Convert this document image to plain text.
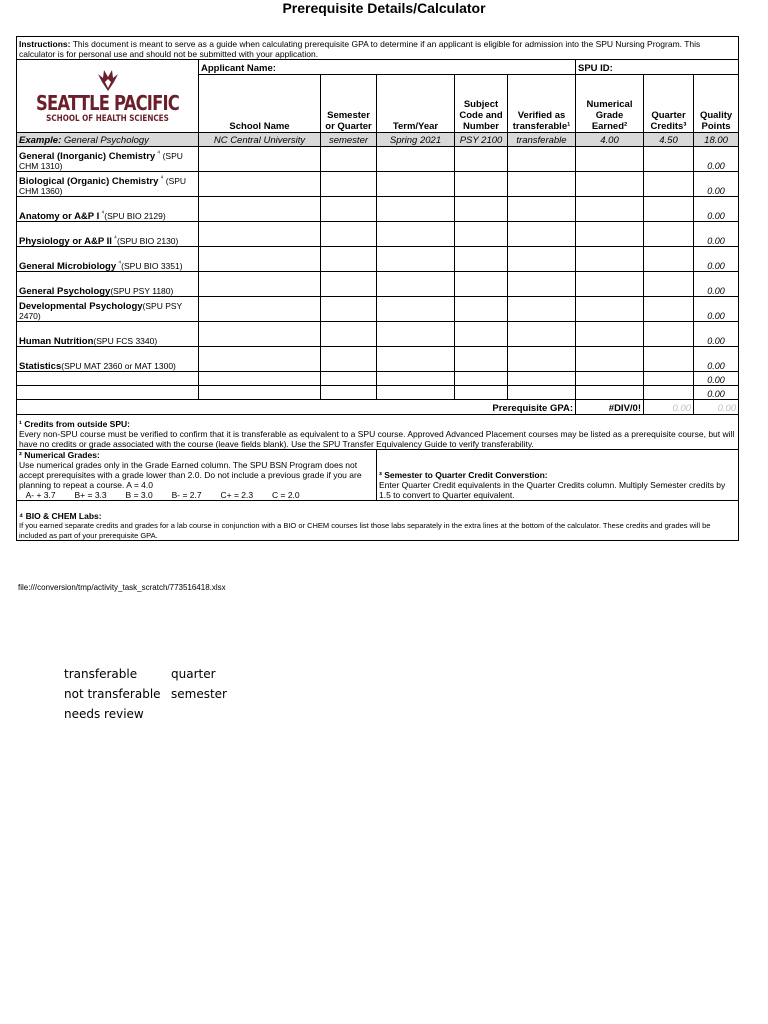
Prerequisite Details/Calculator
Instructions: This document is meant to serve as a guide when calculating prerequisite GPA to determine if an applicant is eligible for admission into the SPU Nursing Program. This calculator is for personal use and should not be submitted with your application.								

SEATTLE PACIFIC
SCHOOL OF HEALTH SCIENCES	Applicant Name:					SPU ID:		
	School Name	Semester or Quarter	Term/Year	Subject Code and Number	Verified as transferable¹	Numerical Grade Earned²	Quarter Credits³	Quality Points
Example: General Psychology	NC Central University	semester	Spring 2021	PSY 2100	transferable	4.00	4.50	18.00
General (Inorganic) Chemistry $^{^4}$ (SPU CHM 1310)								0.00
Biological (Organic) Chemistry $^{^4}$ (SPU CHM 1360)								0.00
Anatomy or A&P I $^{^4}$(SPU BIO 2129)								0.00
Physiology or A&P II $^{^4}$(SPU BIO 2130)								0.00
General Microbiology $^{^4}$(SPU BIO 3351)								0.00
General Psychology(SPU PSY 1180)								0.00
Developmental Psychology(SPU PSY 2470)								0.00
Human Nutrition(SPU FCS 3340)								0.00
Statistics(SPU MAT 2360 or MAT 1300)								0.00
								0.00
								0.00
Prerequisite GPA:						#DIV/0!	0.00	0.00
¹ Credits from outside SPU:
Every non-SPU course must be verified to confirm that it is transferable as equivalent to a SPU course. Approved Advanced Placement courses may be listed as a prerequisite course, but will have no credits or grade associated with the course (leave fields blank). Use the SPU Transfer Equivalency Guide to verify transferability.								
² Numerical Grades:
Use numerical grades only in the Grade Earned column. The SPU BSN Program does not accept prerequisites with a grade lower than 2.0. Do not include a previous grade if you are planning to repeat a course. A = 4.0
A- + 3.7        B+ = 3.3        B = 3.0        B- = 2.7        C+ = 2.3        C = 2.0			³ Semester to Quarter Credit Converstion:
Enter Quarter Credit equivalents in the Quarter Credits column. Multiply Semester credits by 1.5 to convert to Quarter equivalent.					
⁴ BIO & CHEM Labs:
If you earned separate credits and grades for a lab course in conjunction with a BIO or CHEM courses list those labs separately in the extra lines at the bottom of the calculator. These credits and grades will be included as part of your prerequisite GPA.								
file:///conversion/tmp/activity_task_scratch/773516418.xlsx
transferable	quarter
not transferable semester
needs review
